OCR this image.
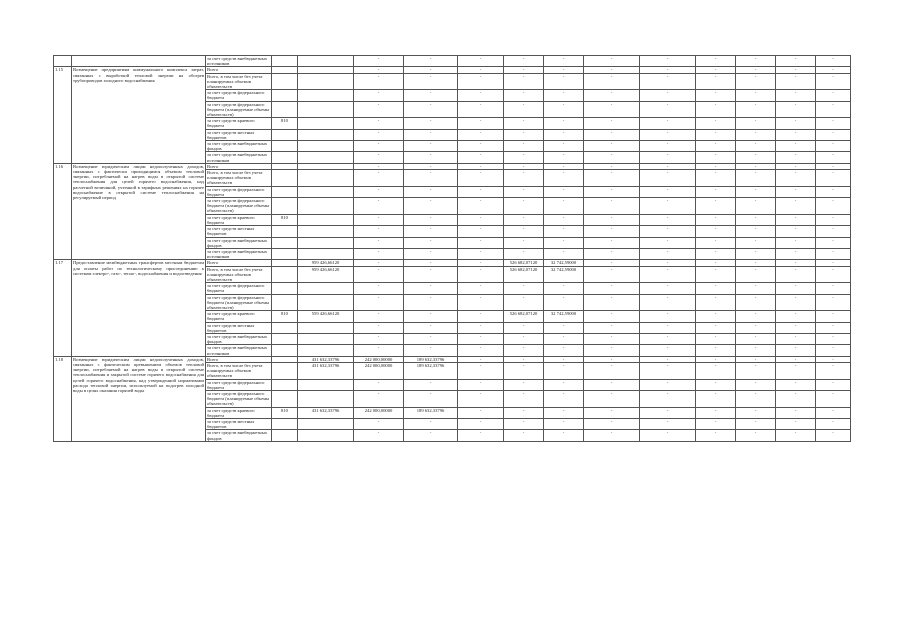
		за счет средств внебюджетных источников			-	-	-	-	-	-	-	-	-	-	-	
1.15	Возмещение предприятиям коммунального комплекса затрат, связанных с выработкой тепловой энергии на обогрев трубопроводов холодного водоснабжения	Всего			-	-	-	-	-	-	-	-	-	-	-	
		Всего, в том числе без учета планируемых объемов обязательств			-	-	-	-	-	-	-	-	-	-	-	
		за счет средств федерального бюджета			-	-	-	-	-	-	-	-	-	-	-	
		за счет средств федерального бюджета (планируемые объемы обязательств)			-	-	-	-	-	-	-	-	-	-	-	
		за счет средств краевого бюджета	810		-	-	-	-	-	-	-	-	-	-	-	
		за счет средств местных бюджетов			-	-	-	-	-	-	-	-	-	-	-	
		за счет средств внебюджетных фондов			-	-	-	-	-	-	-	-	-	-	-	
		за счет средств внебюджетных источников			-	-	-	-	-	-	-	-	-	-	-	
1.16	Возмещение юридическим лицам недополученных доходов, связанных с фактически приходящимся объемом тепловой энергии, потребляемой на нагрев воды в открытой системе теплоснабжения для целей горячего водоснабжения, над расчетной величиной, учтенной в тарифных решениях на горячее водоснабжение в открытой системе теплоснабжения на регулируемый период	Всего			-	-	-	-	-	-	-	-	-	-	-	
		Всего, в том числе без учета планируемых объемов обязательств			-	-	-	-	-	-	-	-	-	-	-	
		за счет средств федерального бюджета			-	-	-	-	-	-	-	-	-	-	-	
		за счет средств федерального бюджета (планируемые объемы обязательств)			-	-	-	-	-	-	-	-	-	-	-	
		за счет средств краевого бюджета	810		-	-	-	-	-	-	-	-	-	-	-	
		за счет средств местных бюджетов			-	-	-	-	-	-	-	-	-	-	-	
		за счет средств внебюджетных фондов			-	-	-	-	-	-	-	-	-	-	-	
		за счет средств внебюджетных источников			-	-	-	-	-	-	-	-	-	-	-	
1.17	Предоставление межбюджетных трансфертов местным бюджетам для оплаты работ по технологическому присоединению к системам электро-, газо-, тепло-, водоснабжения и водоотведения	Всего		959 426,66120	-	-	-	526 682,07120	32 742,59000	-	-	-	-	-	-	
		Всего, в том числе без учета планируемых объемов обязательств		959 426,66120	-	-	-	526 682,07120	32 742,59000	-	-	-	-	-	-	
		за счет средств федерального бюджета			-	-	-	-	-	-	-	-	-	-	-	
		за счет средств федерального бюджета (планируемые объемы обязательств)			-	-	-	-	-	-	-	-	-	-	-	
		за счет средств краевого бюджета	810	559 426,66120	-	-	-	526 682,07120	32 742,59000	-	-	-	-	-	-	
		за счет средств местных бюджетов			-	-	-	-	-	-	-	-	-	-	-	
		за счет средств внебюджетных фондов			-	-	-	-	-	-	-	-	-	-	-	
		за счет средств внебюджетных источников			-	-	-	-	-	-	-	-	-	-	-	
1.18	Возмещение юридическим лицам недополученных доходов, связанных с фактическим превышением объемов тепловой энергии, потребляемой на нагрев воды в открытой системе теплоснабжения и закрытой системе горячего водоснабжения для целей горячего водоснабжения, над утвержденной нормативами расхода тепловой энергии, используемой на подогрев холодной воды в целях оказания горячей воды	Всего		431 632,33796	242 000,00000	189 632,33796	-	-	-	-	-	-	-	-	-	
		Всего, в том числе без учета планируемых объемов обязательств		431 632,33796	242 000,00000	189 632,33796	-	-	-	-	-	-	-	-	-	
		за счет средств федерального бюджета			-	-	-	-	-	-	-	-	-	-	-	
		за счет средств федерального бюджета (планируемые объемы обязательств)			-	-	-	-	-	-	-	-	-	-	-	
		за счет средств краевого бюджета	810	431 632,33796	242 000,00000	189 632,33796	-	-	-	-	-	-	-	-	-	
		за счет средств местных бюджетов			-	-	-	-	-	-	-	-	-	-	-	
		за счет средств внебюджетных фондов			-	-	-	-	-	-	-	-	-	-	-	
